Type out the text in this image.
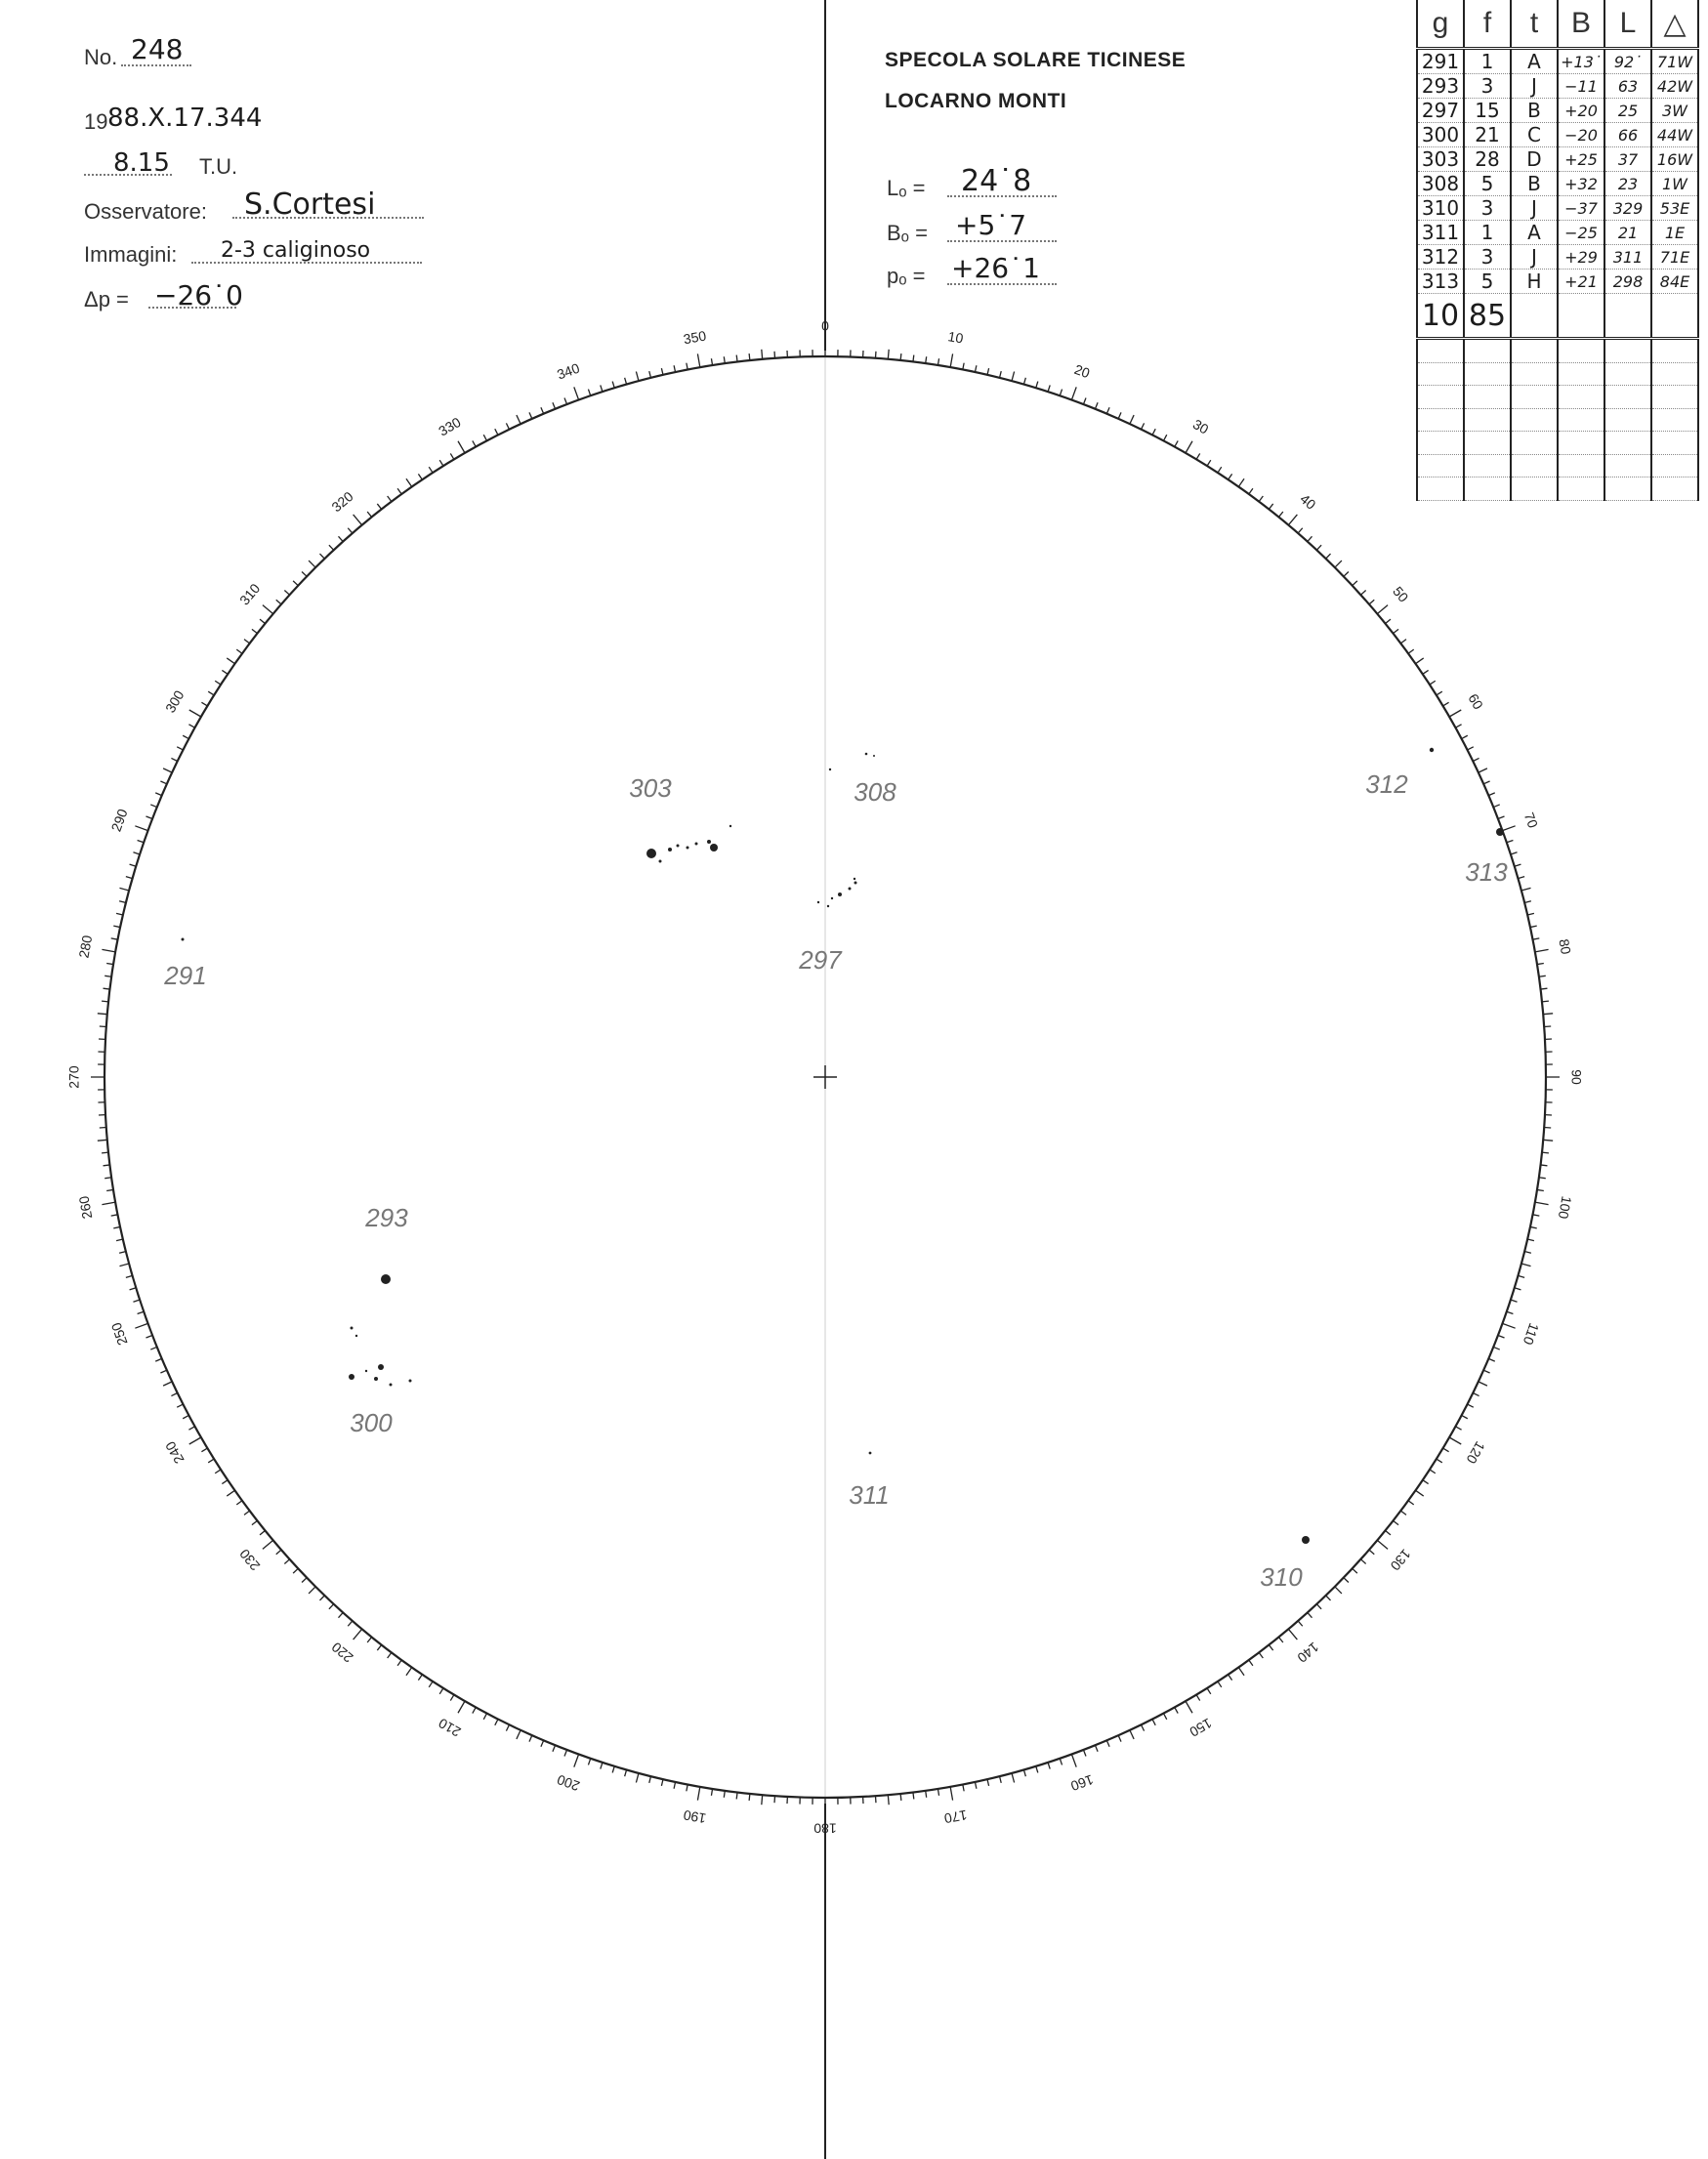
No. 248
19 88.X.17.344
8.15 T.U.
Osservatore: S.Cortesi
Immagini: 2-3 caliginoso
Δp = −26˙0
SPECOLA SOLARE TICINESE
LOCARNO MONTI
Lₒ = 24˙8
Bₒ = +5˙7
pₒ = +26˙1
g	f	t	B	L	△
291	1	A	+13˙	92˙	71W
293	3	J	−11	63	42W
297	15	B	+20	25	3W
300	21	C	−20	66	44W
303	28	D	+25	37	16W
308	5	B	+32	23	1W
310	3	J	−37	329	53E
311	1	A	−25	21	1E
312	3	J	+29	311	71E
313	5	H	+21	298	84E
10	85				

0
10
20
30
40
50
60
70
80
90
100
110
120
130
140
150
160
170
180
190
200
210
220
230
240
250
260
270
280
290
300
310
320
330
340
350
303	308	312
313
297
291
293
300
311
310
